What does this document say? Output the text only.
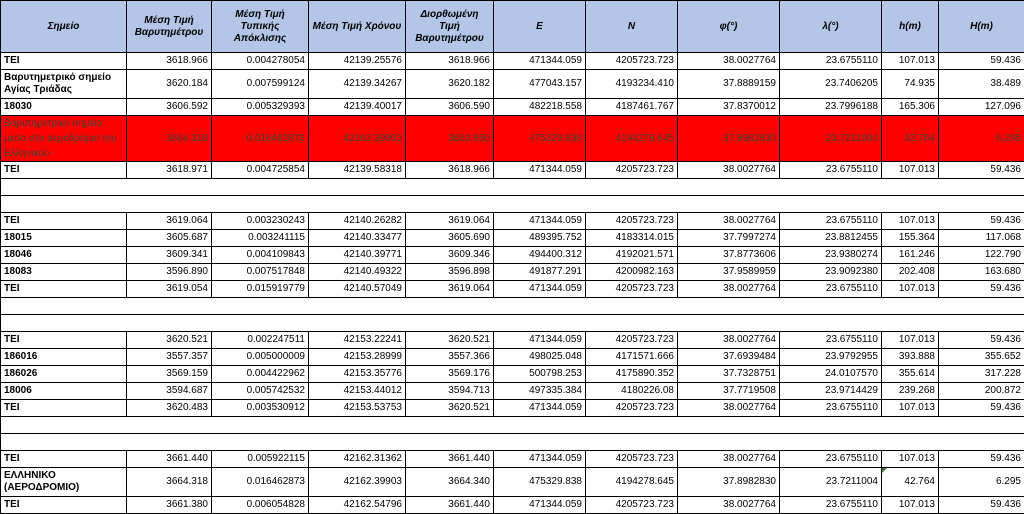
Σημείο	Μέση Τιμή Βαρυτημέτρου	Μέση Τιμή Τυπικής Απόκλισης	Μέση Τιμή Χρόνου	Διορθωμένη Τιμή Βαρυτημέτρου	E	N	φ(°)	λ(°)	h(m)	H(m)
TEI	3618.966	0.004278054	42139.25576	3618.966	471344.059	4205723.723	38.0027764	23.6755110	107.013	59.436
Βαρυτημετρικό σημείο Αγίας Τριάδας	3620.184	0.007599124	42139.34267	3620.182	477043.157	4193234.410	37.8889159	23.7406205	74.935	38.489
18030	3606.592	0.005329393	42139.40017	3606.590	482218.558	4187461.767	37.8370012	23.7996188	165.306	127.096
Βαρυτημετρικό σημείο μέσα στο αεροδρόμιο του Ελληνικού	3664.318	0.016462873	42162.39903	3663.950	475329.838	4194278.645	37.8982830	23.7211004	42.764	6.295
TEI	3618.971	0.004725854	42139.58318	3618.966	471344.059	4205723.723	38.0027764	23.6755110	107.013	59.436

TEI	3619.064	0.003230243	42140.26282	3619.064	471344.059	4205723.723	38.0027764	23.6755110	107.013	59.436
18015	3605.687	0.003241115	42140.33477	3605.690	489395.752	4183314.015	37.7997274	23.8812455	155.364	117.068
18046	3609.341	0.004109843	42140.39771	3609.346	494400.312	4192021.571	37.8773606	23.9380274	161.246	122.790
18083	3596.890	0.007517848	42140.49322	3596.898	491877.291	4200982.163	37.9589959	23.9092380	202.408	163.680
TEI	3619.054	0.015919779	42140.57049	3619.064	471344.059	4205723.723	38.0027764	23.6755110	107.013	59.436

TEI	3620.521	0.002247511	42153.22241	3620.521	471344.059	4205723.723	38.0027764	23.6755110	107.013	59.436
186016	3557.357	0.005000009	42153.28999	3557.366	498025.048	4171571.666	37.6939484	23.9792955	393.888	355.652
186026	3569.159	0.004422962	42153.35776	3569.176	500798.253	4175890.352	37.7328751	24.0107570	355.614	317.228
18006	3594.687	0.005742532	42153.44012	3594.713	497335.384	4180226.08	37.7719508	23.9714429	239.268	200.872
TEI	3620.483	0.003530912	42153.53753	3620.521	471344.059	4205723.723	38.0027764	23.6755110	107.013	59.436

TEI	3661.440	0.005922115	42162.31362	3661.440	471344.059	4205723.723	38.0027764	23.6755110	107.013	59.436
ΕΛΛΗΝΙΚΟ (ΑΕΡΟΔΡΟΜΙΟ)	3664.318	0.016462873	42162.39903	3664.340	475329.838	4194278.645	37.8982830	23.7211004	42.764	6.295
TEI	3661.380	0.006054828	42162.54796	3661.440	471344.059	4205723.723	38.0027764	23.6755110	107.013	59.436
